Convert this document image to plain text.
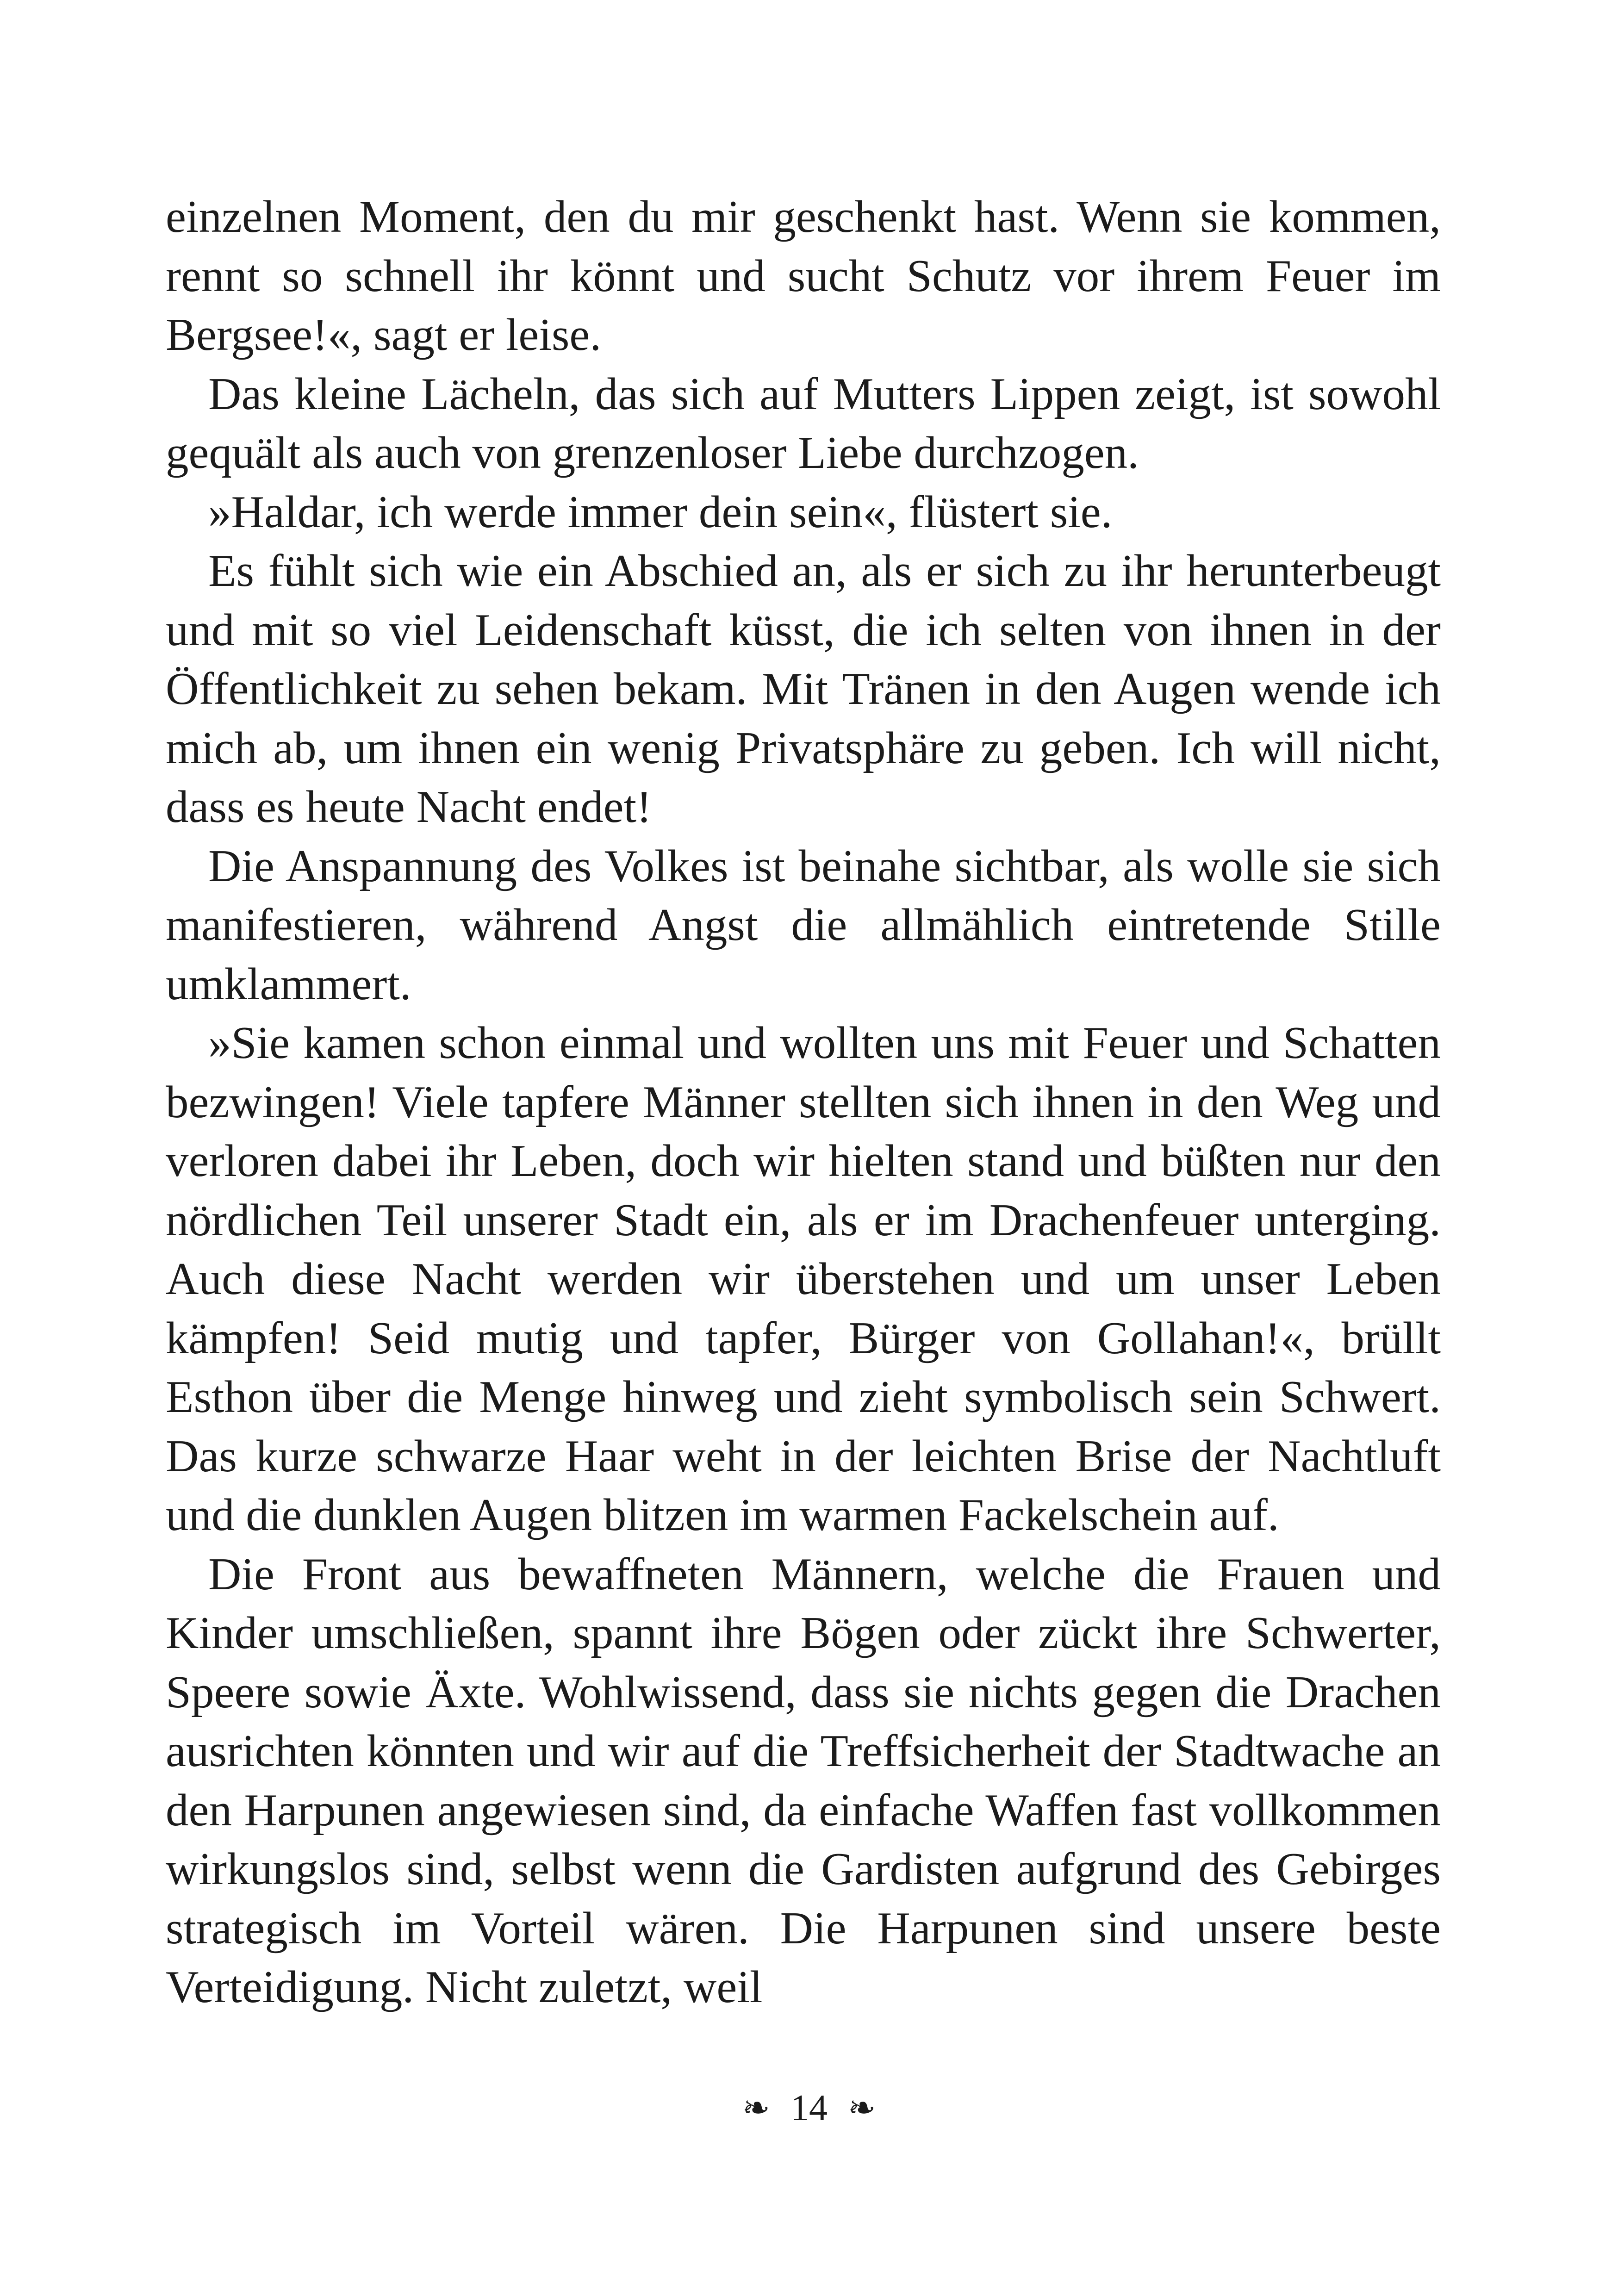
einzelnen Moment, den du mir geschenkt hast. Wenn sie kommen, rennt so schnell ihr könnt und sucht Schutz vor ihrem Feuer im Bergsee!«, sagt er leise.

Das kleine Lächeln, das sich auf Mutters Lippen zeigt, ist sowohl gequält als auch von grenzenloser Liebe durchzogen.

»Haldar, ich werde immer dein sein«, flüstert sie.

Es fühlt sich wie ein Abschied an, als er sich zu ihr herunterbeugt und mit so viel Leidenschaft küsst, die ich selten von ihnen in der Öffentlichkeit zu sehen bekam. Mit Tränen in den Augen wende ich mich ab, um ihnen ein wenig Privatsphäre zu geben. Ich will nicht, dass es heute Nacht endet!

Die Anspannung des Volkes ist beinahe sichtbar, als wolle sie sich manifestieren, während Angst die allmählich eintretende Stille umklammert.

»Sie kamen schon einmal und wollten uns mit Feuer und Schatten bezwingen! Viele tapfere Männer stellten sich ihnen in den Weg und verloren dabei ihr Leben, doch wir hielten stand und büßten nur den nördlichen Teil unserer Stadt ein, als er im Drachenfeuer unterging. Auch diese Nacht werden wir überstehen und um unser Leben kämpfen! Seid mutig und tapfer, Bürger von Gollahan!«, brüllt Esthon über die Menge hinweg und zieht symbolisch sein Schwert. Das kurze schwarze Haar weht in der leichten Brise der Nachtluft und die dunklen Augen blitzen im warmen Fackelschein auf.

Die Front aus bewaffneten Männern, welche die Frauen und Kinder umschließen, spannt ihre Bögen oder zückt ihre Schwerter, Speere sowie Äxte. Wohlwissend, dass sie nichts gegen die Drachen ausrichten könnten und wir auf die Treffsicherheit der Stadtwache an den Harpunen angewiesen sind, da einfache Waffen fast vollkommen wirkungslos sind, selbst wenn die Gardisten aufgrund des Gebirges strategisch im Vorteil wären. Die Harpunen sind unsere beste Verteidigung. Nicht zuletzt, weil

❧ 14 ❧
